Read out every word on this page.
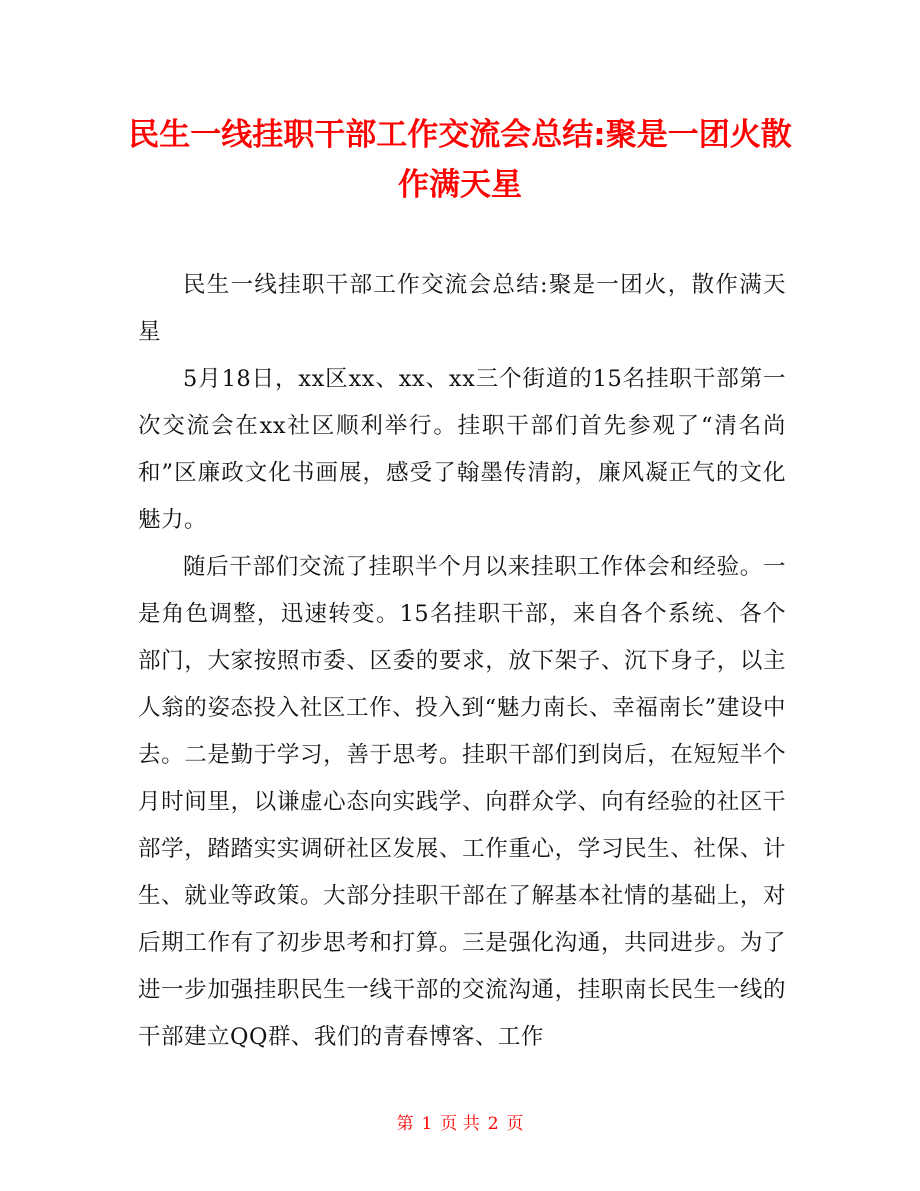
民生一线挂职干部工作交流会总结:聚是一团火散作满天星

民生一线挂职干部工作交流会总结:聚是一团火，散作满天星

5月18日，xx区xx、xx、xx三个街道的15名挂职干部第一次交流会在xx社区顺利举行。挂职干部们首先参观了“清名尚和”区廉政文化书画展，感受了翰墨传清韵，廉风凝正气的文化魅力。

随后干部们交流了挂职半个月以来挂职工作体会和经验。一是角色调整，迅速转变。15名挂职干部，来自各个系统、各个部门，大家按照市委、区委的要求，放下架子、沉下身子，以主人翁的姿态投入社区工作、投入到“魅力南长、幸福南长”建设中去。二是勤于学习，善于思考。挂职干部们到岗后，在短短半个月时间里，以谦虚心态向实践学、向群众学、向有经验的社区干部学，踏踏实实调研社区发展、工作重心，学习民生、社保、计生、就业等政策。大部分挂职干部在了解基本社情的基础上，对后期工作有了初步思考和打算。三是强化沟通，共同进步。为了进一步加强挂职民生一线干部的交流沟通，挂职南长民生一线的干部建立QQ群、我们的青春博客、工作

第 1 页 共 2 页
